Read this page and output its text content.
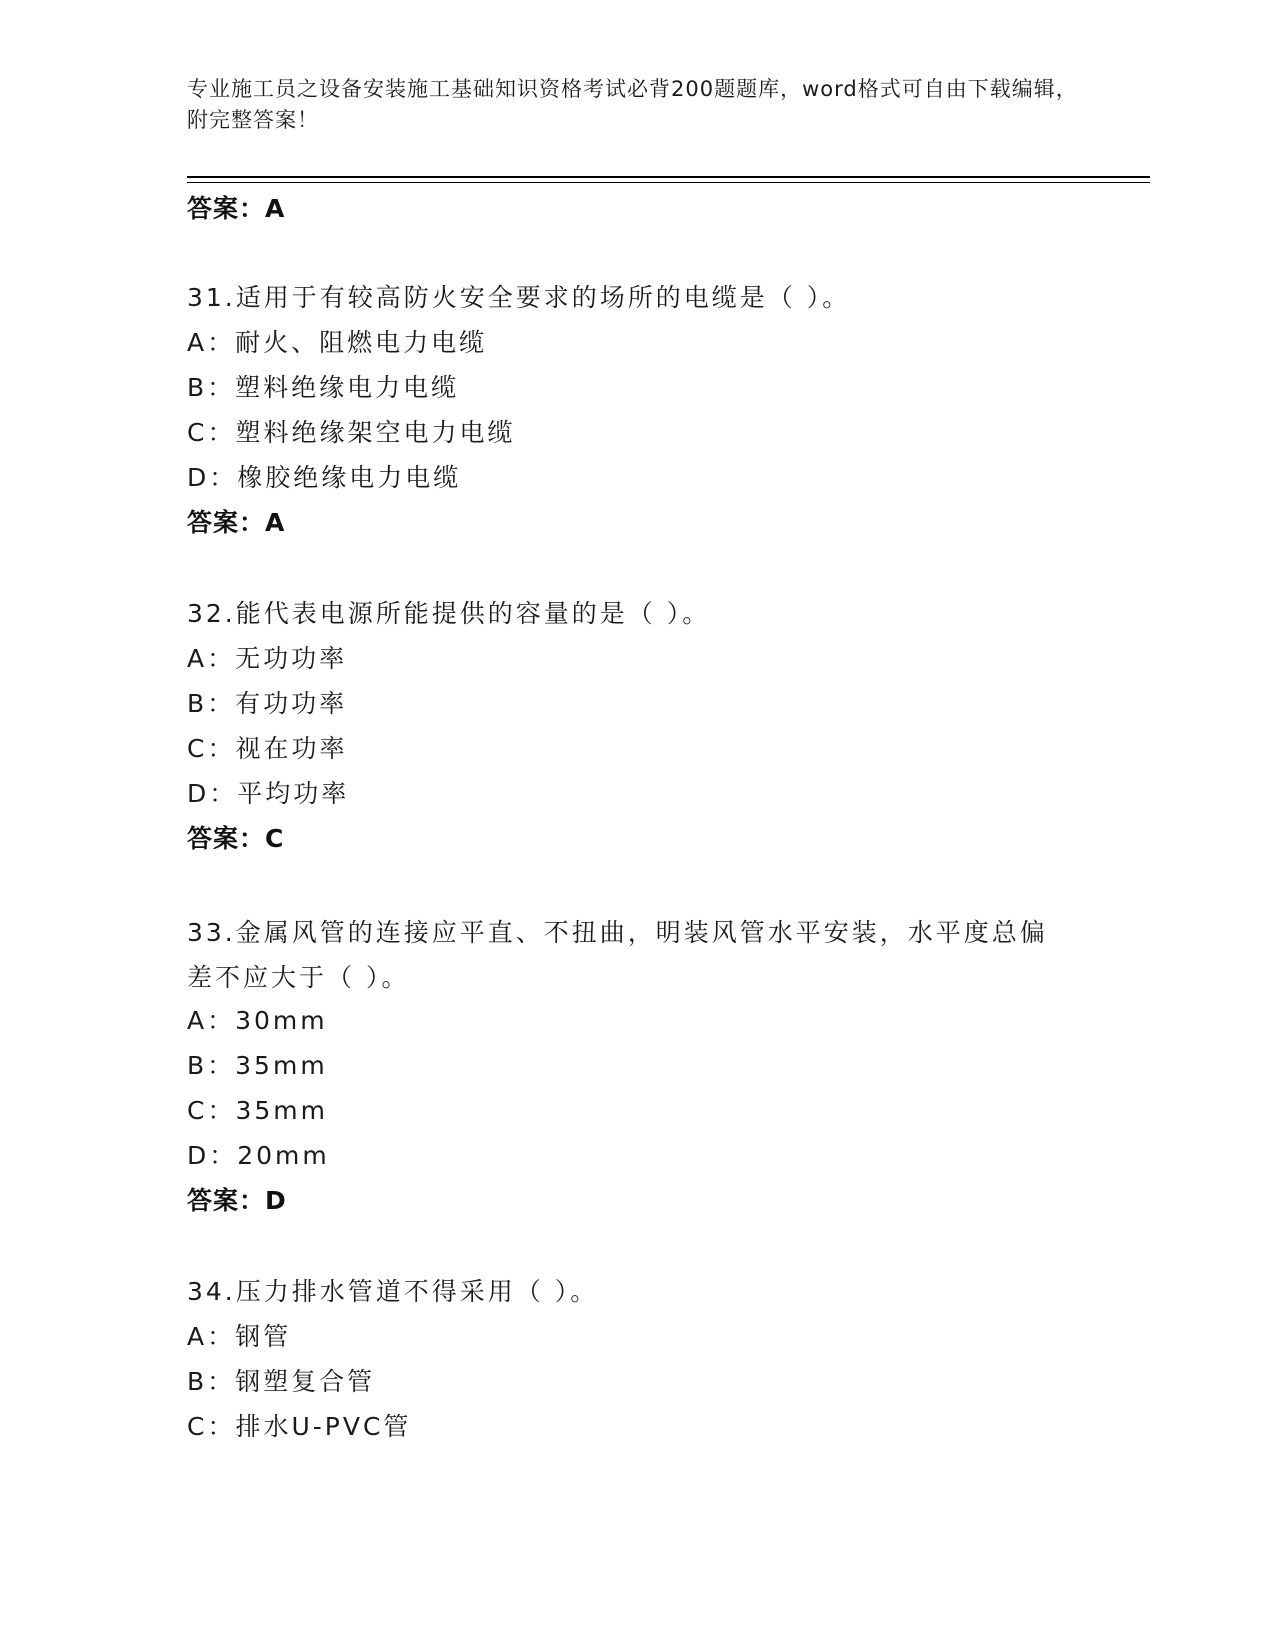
专业施工员之设备安装施工基础知识资格考试必背200题题库，word格式可自由下载编辑，附完整答案！
答案：A
31.适用于有较高防火安全要求的场所的电缆是（ ）。
A：耐火、阻燃电力电缆
B：塑料绝缘电力电缆
C：塑料绝缘架空电力电缆
D：橡胶绝缘电力电缆
答案：A
32.能代表电源所能提供的容量的是（ ）。
A：无功功率
B：有功功率
C：视在功率
D：平均功率
答案：C
33.金属风管的连接应平直、不扭曲，明装风管水平安装，水平度总偏差不应大于（ ）。
A：30mm
B：35mm
C：35mm
D：20mm
答案：D
34.压力排水管道不得采用（ ）。
A：钢管
B：钢塑复合管
C：排水U-PVC管
